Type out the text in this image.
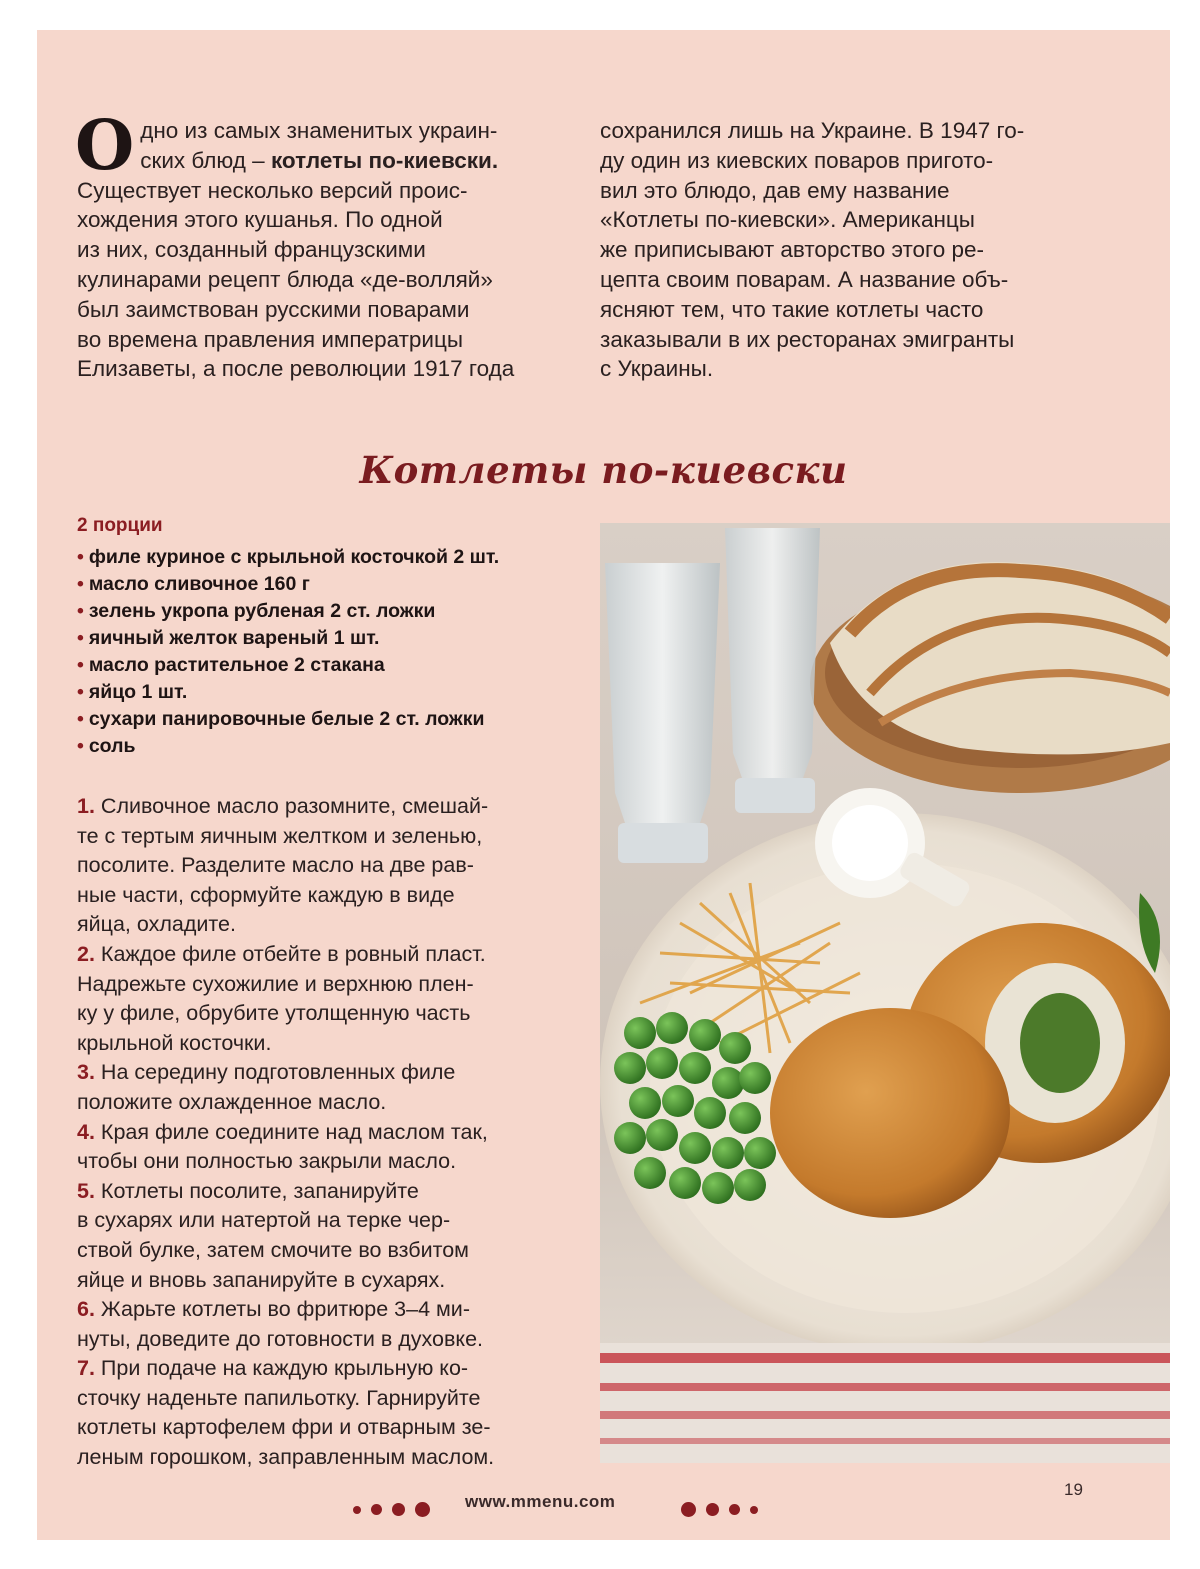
О дно из самых знаменитых украин-
ских блюд – котлеты по-киевски.
Существует несколько версий проис-
хождения этого кушанья. По одной
из них, созданный французскими
кулинарами рецепт блюда «де-волляй»
был заимствован русскими поварами
во времена правления императрицы
Елизаветы, а после революции 1917 года
сохранился лишь на Украине. В 1947 го-
ду один из киевских поваров пригото-
вил это блюдо, дав ему название
«Котлеты по-киевски». Американцы
же приписывают авторство этого ре-
цепта своим поварам. А название объ-
ясняют тем, что такие котлеты часто
заказывали в их ресторанах эмигранты
с Украины.
Котлеты по-киевски
2 порции
• филе куриное с крыльной косточкой 2 шт.
• масло сливочное 160 г
• зелень укропа рубленая 2 ст. ложки
• яичный желток вареный 1 шт.
• масло растительное 2 стакана
• яйцо 1 шт.
• сухари панировочные белые 2 ст. ложки
• соль
1. Сливочное масло разомните, смешай-
те с тертым яичным желтком и зеленью,
посолите. Разделите масло на две рав-
ные части, сформуйте каждую в виде
яйца, охладите.
2. Каждое филе отбейте в ровный пласт.
Надрежьте сухожилие и верхнюю плен-
ку у филе, обрубите утолщенную часть
крыльной косточки.
3. На середину подготовленных филе
положите охлажденное масло.
4. Края филе соедините над маслом так,
чтобы они полностью закрыли масло.
5. Котлеты посолите, запанируйте
в сухарях или натертой на терке чер-
ствой булке, затем смочите во взбитом
яйце и вновь запанируйте в сухарях.
6. Жарьте котлеты во фритюре 3–4 ми-
нуты, доведите до готовности в духовке.
7. При подаче на каждую крыльную ко-
сточку наденьте папильотку. Гарнируйте
котлеты картофелем фри и отварным зе-
леным горошком, заправленным маслом.
www.mmenu.com
19
